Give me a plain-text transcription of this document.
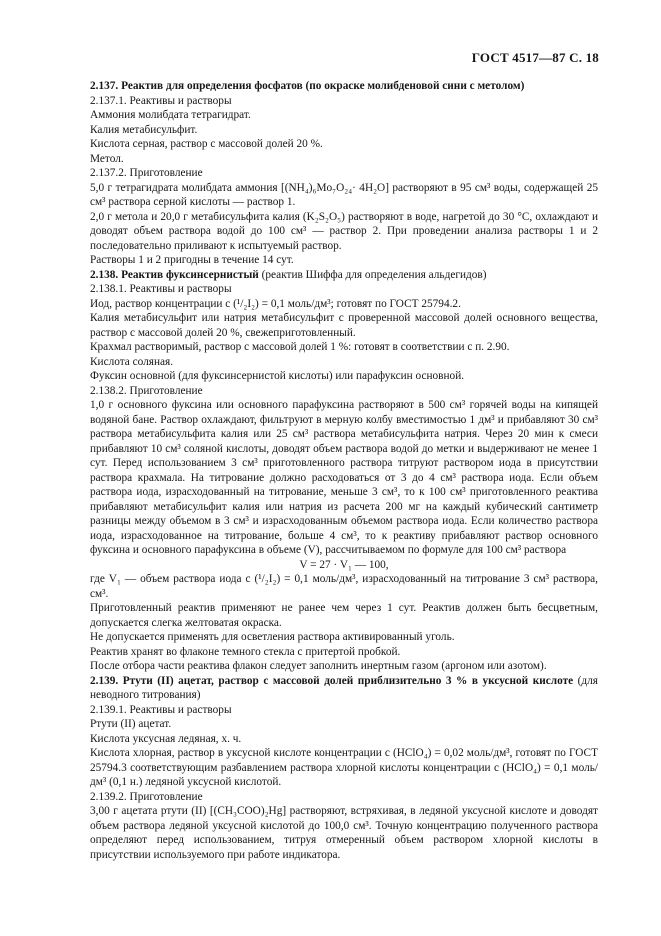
ГОСТ 4517—87 С. 18

2.137. Реактив для определения фосфатов (по окраске молибденовой сини с метолом)

2.137.1. Реактивы и растворы

Аммония молибдата тетрагидрат.

Калия метабисульфит.

Кислота серная, раствор с массовой долей 20 %.

Метол.

2.137.2. Приготовление

5,0 г тетрагидрата молибдата аммония [(NH₄)₆Mo₇O₂₄· 4H₂O] растворяют в 95 см³ воды, содержащей 25 см³ раствора серной кислоты — раствор 1.

2,0 г метола и 20,0 г метабисульфита калия (K₂S₂O₅) растворяют в воде, нагретой до 30 °С, охлаждают и доводят объем раствора водой до 100 см³ — раствор 2. При проведении анализа растворы 1 и 2 последовательно приливают к испытуемый раствор.

Растворы 1 и 2 пригодны в течение 14 сут.

2.138. Реактив фуксинсернистый (реактив Шиффа для определения альдегидов)

2.138.1. Реактивы и растворы

Иод, раствор концентрации c (¹/₂I₂) = 0,1 моль/дм³; готовят по ГОСТ 25794.2.

Калия метабисульфит или натрия метабисульфит с проверенной массовой долей основного вещества, раствор с массовой долей 20 %, свежеприготовленный.

Крахмал растворимый, раствор с массовой долей 1 %: готовят в соответствии с п. 2.90.

Кислота соляная.

Фуксин основной (для фуксинсернистой кислоты) или парафуксин основной.

2.138.2. Приготовление

1,0 г основного фуксина или основного парафуксина растворяют в 500 см³ горячей воды на кипящей водяной бане. Раствор охлаждают, фильтруют в мерную колбу вместимостью 1 дм³ и прибавляют 30 см³ раствора метабисульфита калия или 25 см³ раствора метабисульфита натрия. Через 20 мин к смеси прибавляют 10 см³ соляной кислоты, доводят объем раствора водой до метки и выдерживают не менее 1 сут. Перед использованием 3 см³ приготовленного раствора титруют раствором иода в присутствии раствора крахмала. На титрование должно расходоваться от 3 до 4 см³ раствора иода. Если объем раствора иода, израсходованный на титрование, меньше 3 см³, то к 100 см³ приготовленного реактива прибавляют метабисульфит калия или натрия из расчета 200 мг на каждый кубический сантиметр разницы между объемом в 3 см³ и израсходованным объемом раствора иода. Если количество раствора иода, израсходованное на титрование, больше 4 см³, то к реактиву прибавляют раствор основного фуксина и основного парафуксина в объеме (V), рассчитываемом по формуле для 100 см³ раствора

V = 27 · V₁ — 100,

где V₁ — объем раствора иода c (¹/₂I₂) = 0,1 моль/дм³, израсходованный на титрование 3 см³ раствора, см³.

Приготовленный реактив применяют не ранее чем через 1 сут. Реактив должен быть бесцветным, допускается слегка желтоватая окраска.

Не допускается применять для осветления раствора активированный уголь.

Реактив хранят во флаконе темного стекла с притертой пробкой.

После отбора части реактива флакон следует заполнить инертным газом (аргоном или азотом).

2.139. Ртути (II) ацетат, раствор с массовой долей приблизительно 3 % в уксусной кислоте (для неводного титрования)

2.139.1. Реактивы и растворы

Ртути (II) ацетат.

Кислота уксусная ледяная, х. ч.

Кислота хлорная, раствор в уксусной кислоте концентрации c (HClO₄) = 0,02 моль/дм³, готовят по ГОСТ 25794.3 соответствующим разбавлением раствора хлорной кислоты концентрации c (HClO₄) = 0,1 моль/дм³ (0,1 н.) ледяной уксусной кислотой.

2.139.2. Приготовление

3,00 г ацетата ртути (II) [(CH₃COO)₂Hg] растворяют, встряхивая, в ледяной уксусной кислоте и доводят объем раствора ледяной уксусной кислотой до 100,0 см³. Точную концентрацию полученного раствора определяют перед использованием, титруя отмеренный объем раствором хлорной кислоты в присутствии используемого при работе индикатора.
